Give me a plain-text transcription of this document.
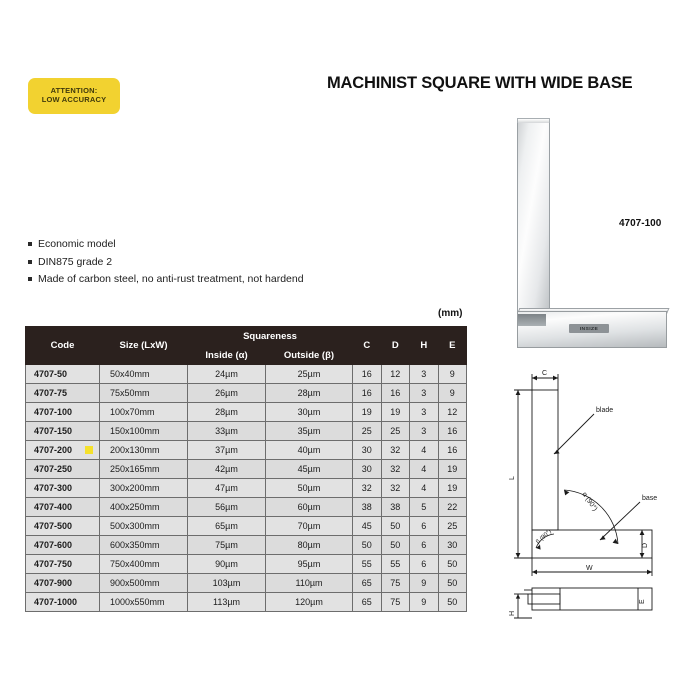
ATTENTION:
LOW ACCURACY
MACHINIST SQUARE WITH WIDE BASE
Economic model
DIN875 grade 2
Made of carbon steel, no anti-rust treatment, not hardend
INSIZE
4707-100
(mm)
Code	Size (LxW)	Squareness		C	D	H	E
		Inside (α)	Outside (β)				
4707-50	50x40mm	24µm	25µm	16	12	3	9
4707-75	75x50mm	26µm	28µm	16	16	3	9
4707-100	100x70mm	28µm	30µm	19	19	3	12
4707-150	150x100mm	33µm	35µm	25	25	3	16
4707-200	200x130mm	37µm	40µm	30	32	4	16
4707-250	250x165mm	42µm	45µm	30	32	4	19
4707-300	300x200mm	47µm	50µm	32	32	4	19
4707-400	400x250mm	56µm	60µm	38	38	5	22
4707-500	500x300mm	65µm	70µm	45	50	6	25
4707-600	600x350mm	75µm	80µm	50	50	6	30
4707-750	750x400mm	90µm	95µm	55	55	6	50
4707-900	900x500mm	103µm	110µm	65	75	9	50
4707-1000	1000x550mm	113µm	120µm	65	75	9	50
C
L
W
D
H
E
blade
base
α (90°)
β (90°)
